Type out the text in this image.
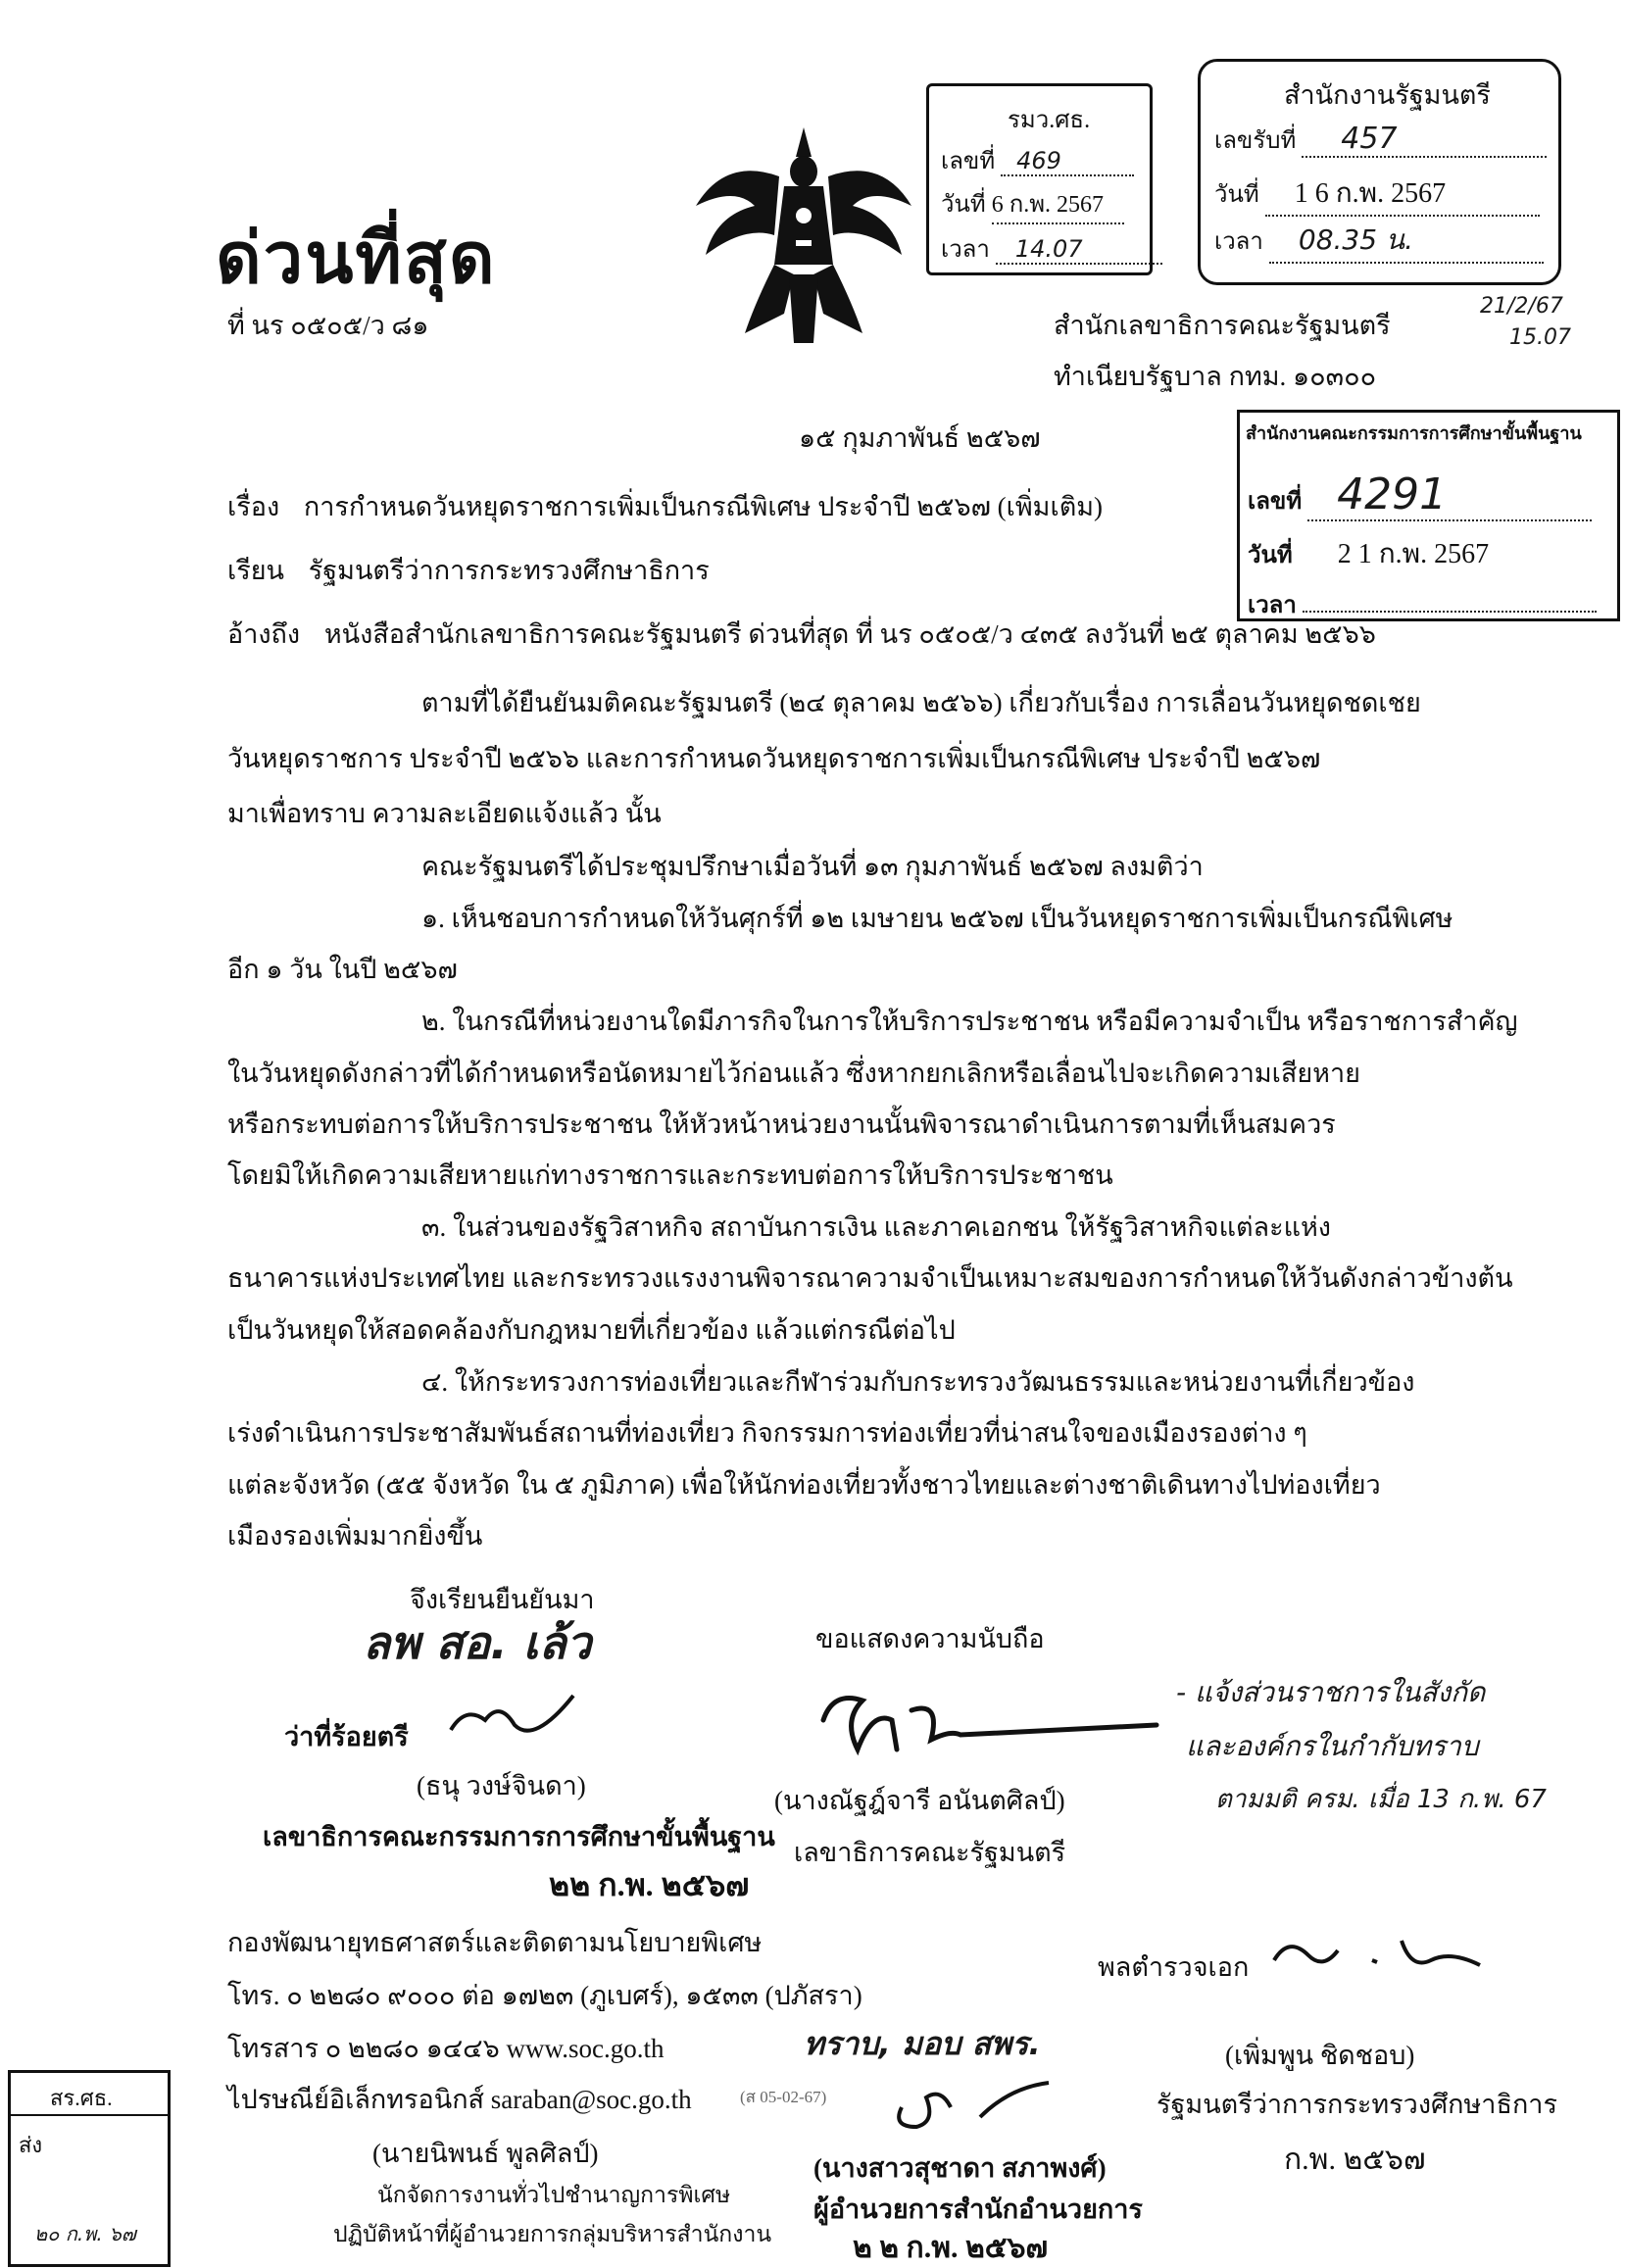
ด่วนที่สุด
ที่ นร ๐๕๐๕/ว ๘๑
รมว.ศธ.
เลขที่ 469
วันที่ 6 ก.พ. 2567
เวลา 14.07
สำนักงานรัฐมนตรี
เลขรับที่ 457
วันที่ 1 6 ก.พ. 2567
เวลา 08.35 น.
21/2/67
15.07
สำนักเลขาธิการคณะรัฐมนตรี
ทำเนียบรัฐบาล กทม. ๑๐๓๐๐
๑๕ กุมภาพันธ์ ๒๕๖๗	สำนักงานคณะกรรมการการศึกษาขั้นพื้นฐาน
เลขที่ 4291
วันที่ 2 1 ก.พ. 2567
เวลา
เรื่อง การกำหนดวันหยุดราชการเพิ่มเป็นกรณีพิเศษ ประจำปี ๒๕๖๗ (เพิ่มเติม)
เรียน รัฐมนตรีว่าการกระทรวงศึกษาธิการ
อ้างถึง หนังสือสำนักเลขาธิการคณะรัฐมนตรี ด่วนที่สุด ที่ นร ๐๕๐๕/ว ๔๓๕ ลงวันที่ ๒๕ ตุลาคม ๒๕๖๖
ตามที่ได้ยืนยันมติคณะรัฐมนตรี (๒๔ ตุลาคม ๒๕๖๖) เกี่ยวกับเรื่อง การเลื่อนวันหยุดชดเชย
วันหยุดราชการ ประจำปี ๒๕๖๖ และการกำหนดวันหยุดราชการเพิ่มเป็นกรณีพิเศษ ประจำปี ๒๕๖๗
มาเพื่อทราบ ความละเอียดแจ้งแล้ว นั้น
คณะรัฐมนตรีได้ประชุมปรึกษาเมื่อวันที่ ๑๓ กุมภาพันธ์ ๒๕๖๗ ลงมติว่า
๑. เห็นชอบการกำหนดให้วันศุกร์ที่ ๑๒ เมษายน ๒๕๖๗ เป็นวันหยุดราชการเพิ่มเป็นกรณีพิเศษ
อีก ๑ วัน ในปี ๒๕๖๗
๒. ในกรณีที่หน่วยงานใดมีภารกิจในการให้บริการประชาชน หรือมีความจำเป็น หรือราชการสำคัญ
ในวันหยุดดังกล่าวที่ได้กำหนดหรือนัดหมายไว้ก่อนแล้ว ซึ่งหากยกเลิกหรือเลื่อนไปจะเกิดความเสียหาย
หรือกระทบต่อการให้บริการประชาชน ให้หัวหน้าหน่วยงานนั้นพิจารณาดำเนินการตามที่เห็นสมควร
โดยมิให้เกิดความเสียหายแก่ทางราชการและกระทบต่อการให้บริการประชาชน
๓. ในส่วนของรัฐวิสาหกิจ สถาบันการเงิน และภาคเอกชน ให้รัฐวิสาหกิจแต่ละแห่ง
ธนาคารแห่งประเทศไทย และกระทรวงแรงงานพิจารณาความจำเป็นเหมาะสมของการกำหนดให้วันดังกล่าวข้างต้น
เป็นวันหยุดให้สอดคล้องกับกฎหมายที่เกี่ยวข้อง แล้วแต่กรณีต่อไป
๔. ให้กระทรวงการท่องเที่ยวและกีฬาร่วมกับกระทรวงวัฒนธรรมและหน่วยงานที่เกี่ยวข้อง
เร่งดำเนินการประชาสัมพันธ์สถานที่ท่องเที่ยว กิจกรรมการท่องเที่ยวที่น่าสนใจของเมืองรองต่าง ๆ
แต่ละจังหวัด (๕๕ จังหวัด ใน ๕ ภูมิภาค) เพื่อให้นักท่องเที่ยวทั้งชาวไทยและต่างชาติเดินทางไปท่องเที่ยว
เมืองรองเพิ่มมากยิ่งขึ้น
จึงเรียนยืนยันมา
ลพ สอ. เล้ว	ขอแสดงความนับถือ
(นางณัฐฎ์จารี อนันตศิลป์)
เลขาธิการคณะรัฐมนตรี
ว่าที่ร้อยตรี
(ธนุ วงษ์จินดา)
เลขาธิการคณะกรรมการการศึกษาขั้นพื้นฐาน
๒๒ ก.พ. ๒๕๖๗
- แจ้งส่วนราชการในสังกัด
และองค์กรในกำกับทราบ
ตามมติ ครม. เมื่อ 13 ก.พ. 67
กองพัฒนายุทธศาสตร์และติดตามนโยบายพิเศษ
โทร. ๐ ๒๒๘๐ ๙๐๐๐ ต่อ ๑๗๒๓ (ภูเบศร์), ๑๕๓๓ (ปภัสรา)
โทรสาร ๐ ๒๒๘๐ ๑๔๔๖ www.soc.go.th
ไปรษณีย์อิเล็กทรอนิกส์ saraban@soc.go.th	(ส 05-02-67)
พลตำรวจเอก
(เพิ่มพูน ชิดชอบ)
รัฐมนตรีว่าการกระทรวงศึกษาธิการ
ก.พ. ๒๕๖๗
ทราบ, มอบ สพร.
(นางสาวสุชาดา สภาพงศ์)
ผู้อำนวยการสำนักอำนวยการ
๒ ๒ ก.พ. ๒๕๖๗
(นายนิพนธ์ พูลศิลป์)
นักจัดการงานทั่วไปชำนาญการพิเศษ
ปฏิบัติหน้าที่ผู้อำนวยการกลุ่มบริหารสำนักงาน
สร.ศธ.
ส่ง
๒๐ ก.พ. ๖๗
